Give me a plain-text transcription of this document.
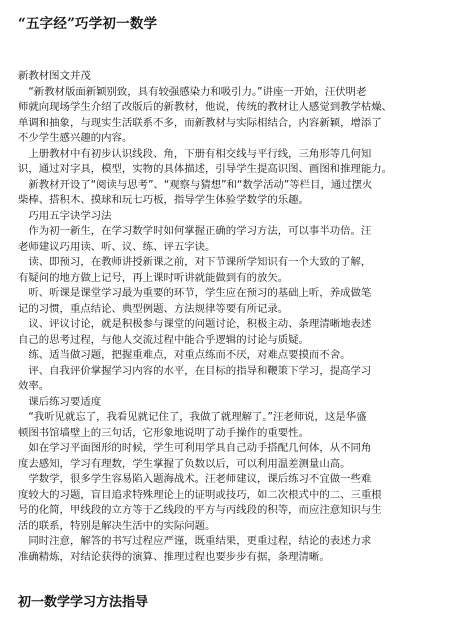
“五字经”巧学初一数学
新教材图文并茂
　“新教材版面新颖别致，具有较强感染力和吸引力。”讲座一开始，汪伏明老
师就向现场学生介绍了改版后的新教材，他说，传统的教材让人感觉到教学枯燥、
单调和抽象，与现实生活联系不多，而新教材与实际相结合，内容新颖，增添了
不少学生感兴趣的内容。
　上册教材中有初步认识线段、角，下册有相交线与平行线，三角形等几何知
识，通过对字具，模型，实物的具体描述，引导学生提高识图、画图和推理能力。
　新教材开设了“阅读与思考”、“观察与猜想”和“数学活动”等栏目，通过摆火
柴棒、搭积木、摸球和玩七巧板，指导学生体验学数学的乐趣。
　巧用五字诀学习法
　作为初一新生，在学习数学时如何掌握正确的学习方法，可以事半功倍。汪
老师建议巧用读、听、议、练、评五字诀。
　读、即预习，在教师讲授新课之前，对下节课所学知识有一个大致的了解，
有疑问的地方做上记号，再上课时听讲就能做到有的放矢。
　听、听课是课堂学习最为重要的环节，学生应在预习的基础上听，养成做笔
记的习惯，重点结论、典型例题、方法规律等要有所记录。
　议、评议讨论，就是积极参与课堂的问题讨论，积极主动、条理清晰地表述
自己的思考过程，与他人交流过程中能合乎逻辑的讨论与质疑。
　练、适当做习题，把握重难点，对重点练而不厌，对难点要摸而不舍。
　评、自我评价掌握学习内容的水平，在目标的指导和鞭策下学习，提高学习
效率。
　课后练习要适度
　“我听见就忘了，我看见就记住了，我做了就理解了。”汪老师说，这是华盛
顿图书馆墙壁上的三句话，它形象地说明了动手操作的重要性。
　如在学习平面图形的时候，学生可利用学具自己动手搭配几何体，从不同角
度去感知，学习有理数，学生掌握了负数以后，可以利用温差测量山高。
　学数学，很多学生容易陷入题海战术。汪老师建议，课后练习不宜做一些难
度较大的习题，盲目追求特殊理论上的证明或技巧，如二次根式中的二、三重根
号的化简，甲线段的立方等于乙线段的平方与丙线段的积等，而应注意知识与生
活的联系，特别是解决生活中的实际问题。
　同时注意，解答的书写过程应严谨，既重结果，更重过程，结论的表述力求
准确精炼，对结论获得的演算、推理过程也要步步有据，条理清晰。
初一数学学习方法指导
